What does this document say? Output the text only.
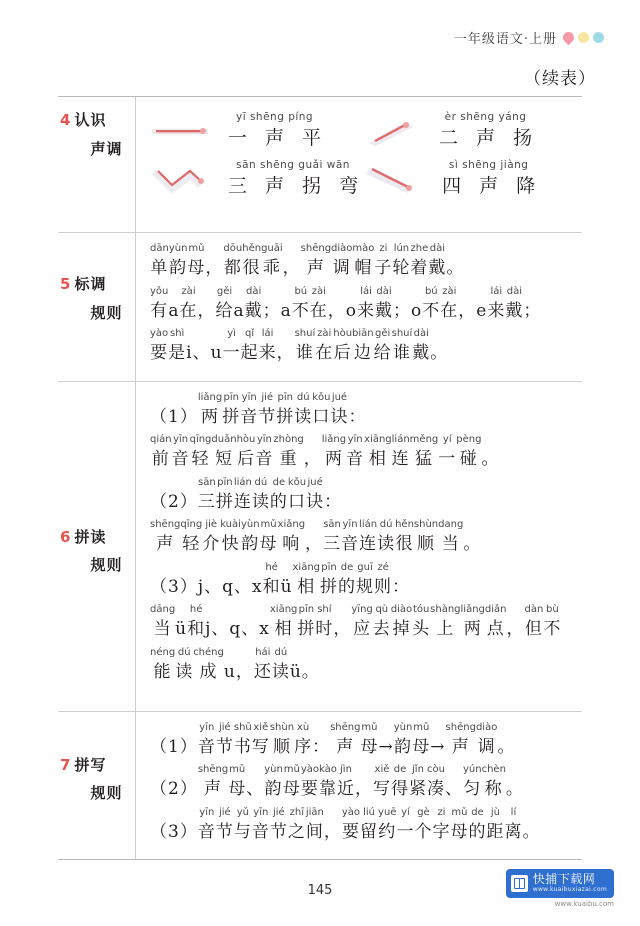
一年级语文·上册
（续表）
4 认识
声调
yī shēng píng
一 声 平
èr shēng yáng
二 声 扬
sān shēng guǎi wān
三 声 拐 弯
sì shēng jiàng
四 声 降
5 标调
规则
dān
单
yùn
韵
mǔ
母 ，
dōu
都
hěn
很
guāi
乖 ，
shēng
声
diào
调
mào
帽
zi
子
lún
轮
zhe
着
dài
戴 。
yǒu
有 a
zài
在 ，
gěi
给 a
dài
戴 ；a
bú
不
zài
在 ，o
lái
来
dài
戴 ；o
bú
不
zài
在 ，e
lái
来
dài
戴 ；
yào
要
shì
是 i、u
yì
一
qǐ
起
lái
来 ，
shuí
谁
zài
在
hòu
后
biān
边
gěi
给
shuí
谁
dài
戴 。
6 拼读
规则
（1）
liǎng
两
pīn
拼
yīn
音
jié
节
pīn
拼
dú
读
kǒu
口
jué
诀 ：
qián
前
yīn
音
qīng
轻
duǎn
短
hòu
后
yīn
音
zhòng
重 ，
liǎng
两
yīn
音
xiāng
相
lián
连
měng
猛
yí
一
pèng
碰 。
（2）
sān
三
pīn
拼
lián
连
dú
读
de
的
kǒu
口
jué
诀 ：
shēng
声
qīng
轻
jiè
介
kuài
快
yùn
韵
mǔ
母
xiǎng
响 ，
sān
三
yīn
音
lián
连
dú
读
hěn
很
shùn
顺
dang
当 。
（3）j、q、x
hé
和 ü
xiāng
相
pīn
拼
de
的
guī
规
zé
则 ：
dāng
当 ü
hé
和 j、q、x
xiāng
相
pīn
拼
shí
时 ，
yīng
应
qù
去
diào
掉
tóu
头
shàng
上
liǎng
两
diǎn
点 ，
dàn
但
bù
不
néng
能
dú
读
chéng
成 u ，
hái
还
dú
读 ü 。
7 拼写
规则
（1）
yīn
音
jié
节
shū
书
xiě
写
shùn
顺
xù
序 ：
shēng
声
mǔ
母 →
yùn
韵
mǔ
母 →
shēng
声
diào
调 。
（2）
shēng
声
mǔ
母 、
yùn
韵
mǔ
母
yào
要
kào
靠
jìn
近 ，
xiě
写
de
得
jǐn
紧
còu
凑 、
yún
匀
chèn
称 。
（3）
yīn
音
jié
节
yǔ
与
yīn
音
jié
节
zhī
之
jiān
间 ，
yào
要
liú
留
yuē
约
yí
一
gè
个
zi
字
mǔ
母
de
的
jù
距
lí
离 。
145
快捕下载网
www.kuaibuxiazai.com
www.kuaibu.com
